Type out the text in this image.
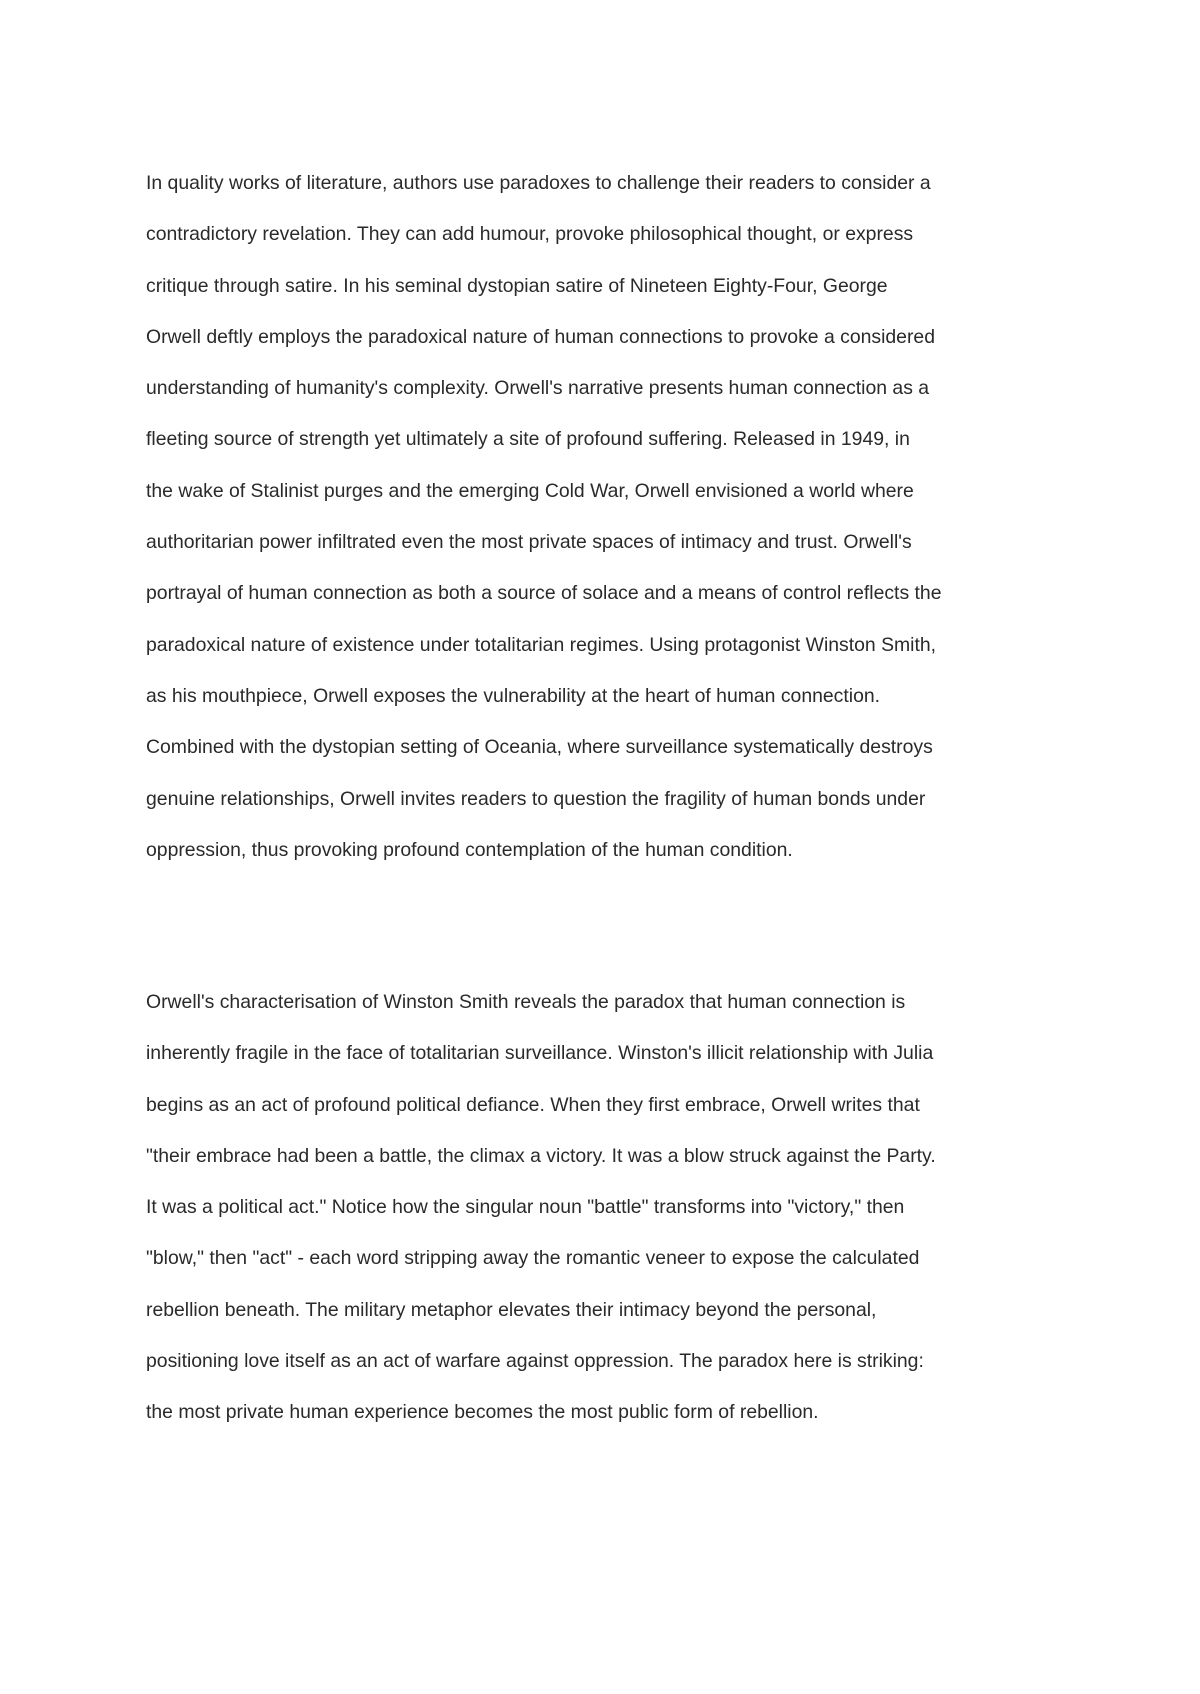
In quality works of literature, authors use paradoxes to challenge their readers to consider a
contradictory revelation. They can add humour, provoke philosophical thought, or express
critique through satire. In his seminal dystopian satire of Nineteen Eighty-Four, George
Orwell deftly employs the paradoxical nature of human connections to provoke a considered
understanding of humanity's complexity. Orwell's narrative presents human connection as a
fleeting source of strength yet ultimately a site of profound suffering. Released in 1949, in
the wake of Stalinist purges and the emerging Cold War, Orwell envisioned a world where
authoritarian power infiltrated even the most private spaces of intimacy and trust. Orwell's
portrayal of human connection as both a source of solace and a means of control reflects the
paradoxical nature of existence under totalitarian regimes. Using protagonist Winston Smith,
as his mouthpiece, Orwell exposes the vulnerability at the heart of human connection.
Combined with the dystopian setting of Oceania, where surveillance systematically destroys
genuine relationships, Orwell invites readers to question the fragility of human bonds under
oppression, thus provoking profound contemplation of the human condition.
Orwell's characterisation of Winston Smith reveals the paradox that human connection is
inherently fragile in the face of totalitarian surveillance. Winston's illicit relationship with Julia
begins as an act of profound political defiance. When they first embrace, Orwell writes that
"their embrace had been a battle, the climax a victory. It was a blow struck against the Party.
It was a political act." Notice how the singular noun "battle" transforms into "victory," then
"blow," then "act" - each word stripping away the romantic veneer to expose the calculated
rebellion beneath. The military metaphor elevates their intimacy beyond the personal,
positioning love itself as an act of warfare against oppression. The paradox here is striking:
the most private human experience becomes the most public form of rebellion.
